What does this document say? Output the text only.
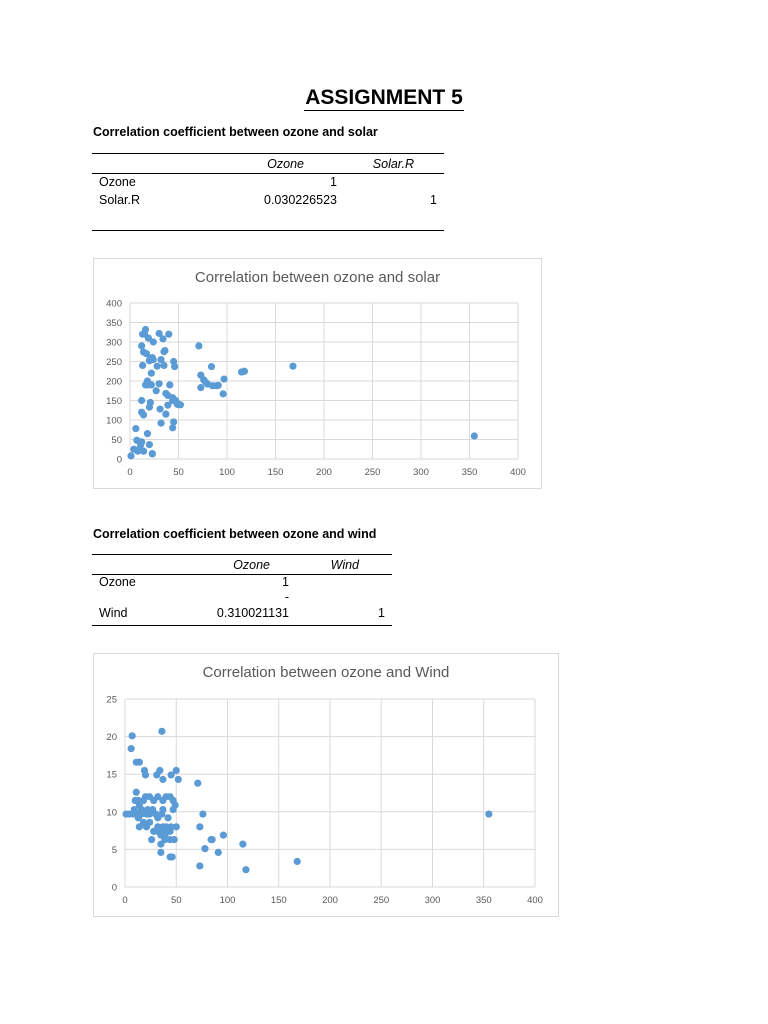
ASSIGNMENT 5
Correlation coefficient between ozone and solar
	Ozone	Solar.R
Ozone	1	
Solar.R	0.030226523	1
Correlation between ozone and solar
0	50	100	150	200	250	300	350	400
0
50
100
150
200
250
300
350
400
Correlation coefficient between ozone and wind
	Ozone	Wind
Ozone	1	
	-	
Wind	0.310021131	1
Correlation between ozone and Wind
0	50	100	150	200	250	300	350	400
0
5
10
15
20
25
